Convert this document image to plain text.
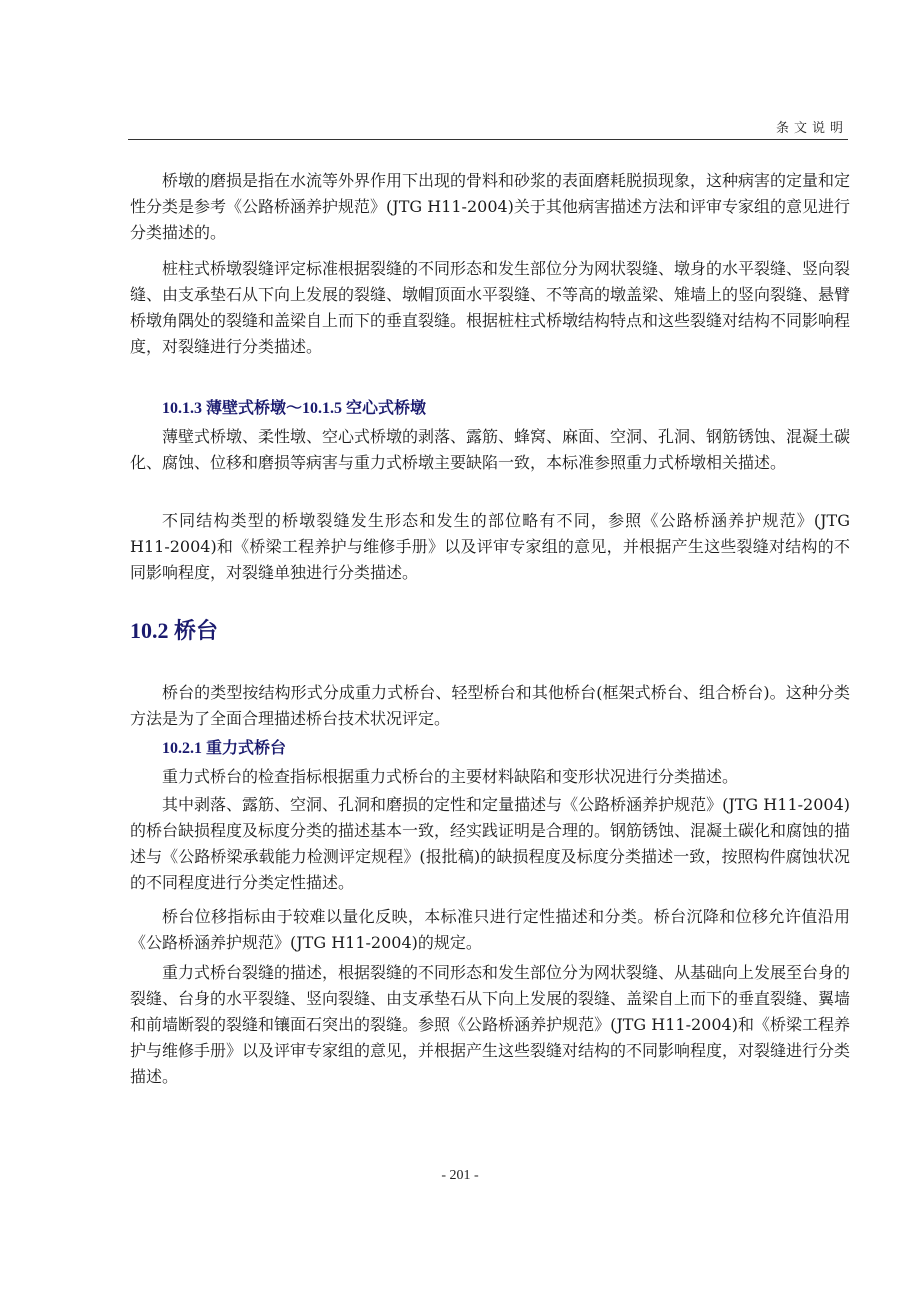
条文说明

桥墩的磨损是指在水流等外界作用下出现的骨料和砂浆的表面磨耗脱损现象，这种病害的定量和定性分类是参考《公路桥涵养护规范》(JTG H11-2004)关于其他病害描述方法和评审专家组的意见进行分类描述的。

桩柱式桥墩裂缝评定标准根据裂缝的不同形态和发生部位分为网状裂缝、墩身的水平裂缝、竖向裂缝、由支承垫石从下向上发展的裂缝、墩帽顶面水平裂缝、不等高的墩盖梁、雉墙上的竖向裂缝、悬臂桥墩角隅处的裂缝和盖梁自上而下的垂直裂缝。根据桩柱式桥墩结构特点和这些裂缝对结构不同影响程度，对裂缝进行分类描述。

10.1.3 薄壁式桥墩～10.1.5 空心式桥墩

薄壁式桥墩、柔性墩、空心式桥墩的剥落、露筋、蜂窝、麻面、空洞、孔洞、钢筋锈蚀、混凝土碳化、腐蚀、位移和磨损等病害与重力式桥墩主要缺陷一致，本标准参照重力式桥墩相关描述。

不同结构类型的桥墩裂缝发生形态和发生的部位略有不同，参照《公路桥涵养护规范》(JTG H11-2004)和《桥梁工程养护与维修手册》以及评审专家组的意见，并根据产生这些裂缝对结构的不同影响程度，对裂缝单独进行分类描述。

10.2 桥台

桥台的类型按结构形式分成重力式桥台、轻型桥台和其他桥台(框架式桥台、组合桥台)。这种分类方法是为了全面合理描述桥台技术状况评定。

10.2.1 重力式桥台

重力式桥台的检查指标根据重力式桥台的主要材料缺陷和变形状况进行分类描述。

其中剥落、露筋、空洞、孔洞和磨损的定性和定量描述与《公路桥涵养护规范》(JTG H11-2004)的桥台缺损程度及标度分类的描述基本一致，经实践证明是合理的。钢筋锈蚀、混凝土碳化和腐蚀的描述与《公路桥梁承载能力检测评定规程》(报批稿)的缺损程度及标度分类描述一致，按照构件腐蚀状况的不同程度进行分类定性描述。

桥台位移指标由于较难以量化反映，本标准只进行定性描述和分类。桥台沉降和位移允许值沿用《公路桥涵养护规范》(JTG H11-2004)的规定。

重力式桥台裂缝的描述，根据裂缝的不同形态和发生部位分为网状裂缝、从基础向上发展至台身的裂缝、台身的水平裂缝、竖向裂缝、由支承垫石从下向上发展的裂缝、盖梁自上而下的垂直裂缝、翼墙和前墙断裂的裂缝和镶面石突出的裂缝。参照《公路桥涵养护规范》(JTG H11-2004)和《桥梁工程养护与维修手册》以及评审专家组的意见，并根据产生这些裂缝对结构的不同影响程度，对裂缝进行分类描述。

- 201 -
